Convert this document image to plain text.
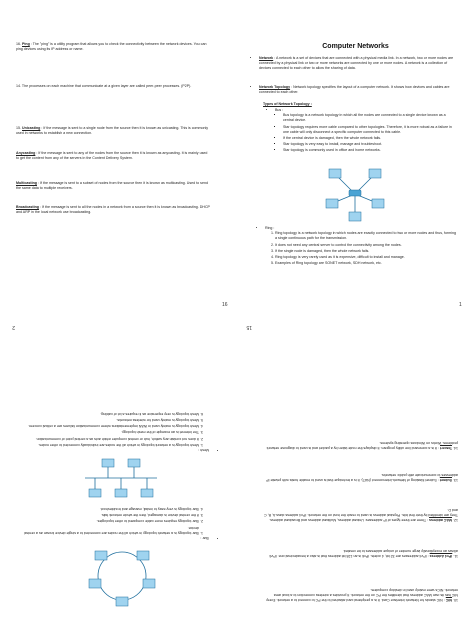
16. Ping : The "ping" is a utility program that allows you to check the connectivity between the network devices. You can ping devices using its IP address or name.

14. The processes on each machine that communicate at a given layer are called peer-peer processes. (P2P).

15. Unicasting : If the message is sent to a single node from the source then it is known as unicasting. This is commonly used in networks to establish a new connection.

Anycasting : If the message is sent to any of the nodes from the source then it is known as anycasting. It is mainly used to get the content from any of the servers in the Content Delivery System.

Multicasting : If the message is sent to a subset of nodes from the source then it is known as multicasting. Used to send the same data to multiple receivers.

Broadcasting : If the message is sent to all the nodes in a network from a source then it is known as broadcasting. DHCP and ARP in the local network use broadcasting.

16
Computer Networks
• Network : A network is a set of devices that are connected with a physical media link. In a network, two or more nodes are connected by a physical link or two or more networks are connected by one or more nodes. A network is a collection of devices connected to each other to allow the sharing of data.
• Network Topology : Network topology specifies the layout of a computer network. It shows how devices and cables are connected to each other.
Types of Network Topology :
• Bus :
▪ Bus topology is a network topology in which all the nodes are connected to a single device known as a central device.
▪ Star topology requires more cable compared to other topologies. Therefore, it is more robust as a failure in one cable will only disconnect a specific computer connected to this cable.
▪ If the central device is damaged, then the whole network fails.
▪ Star topology is very easy to install, manage and troubleshoot.
▪ Star topology is commonly used in office and home networks.
• Ring :
1. Ring topology is a network topology in which nodes are exactly connected to two or more nodes and thus, forming a single continuous path for the transmission.
2. It does not need any central server to control the connectivity among the nodes.
3. If the single node is damaged, then the whole network fails.
4. Ring topology is very rarely used as it is expensive, difficult to install and manage.
5. Examples of Ring topology are SONET network, SDH network, etc.
1

10. NIC : NIC stands for Network Interface Card. It is a peripheral card attached to the PC to connect to a network. Every NIC has its own MAC address that identifies the PC on the network. It provides a wireless connection to a local area network. NICs were mainly used in desktop computers.

11. IPv4 Address : IPv4 addresses are 32 bit, 4 octets. IPv6 is an 128 bit address that is also a hexadecimal one. IPv6 allows an exceptionally large number of unique addresses to be created.

12. MAC address : There are three types of IP addresses: Unicast address, Multicast address and Broadcast address. They are identified by their first bits. Physical address is used to reach the host on the network. IPv4 address class A, B, C and D.

13. Subnet : Subnet Masking of Network-Interconnect (NAT). It is a technique that is used to enable hosts with private IP addresses to communicate with public networks.

14. Tracert : It is a command line utility program. It displays the route taken by a packet and is used to diagnose network problems. Works on Windows operating systems.

15
• Star :
1. Star topology is a network topology in which all the nodes are connected to a single device known as a central device.
2. Star topology requires more cable compared to other topologies.
3. If the central device is damaged, then the whole network fails.
4. Star topology is very easy to install, manage and troubleshoot.
• Mesh :
1. Mesh topology is a network topology in which all the nodes are individually connected to other nodes.
2. It does not contain any switch, hub or central computer which acts as a central point of communication.
3. The Internet is an example of the mesh topology.
4. Mesh topology is mainly used in WAN implementations where communication failures are a critical concern.
5. Mesh topology is mainly used for wireless networks.
6. Mesh topology is very expensive as it requires a lot of cabling.
2
